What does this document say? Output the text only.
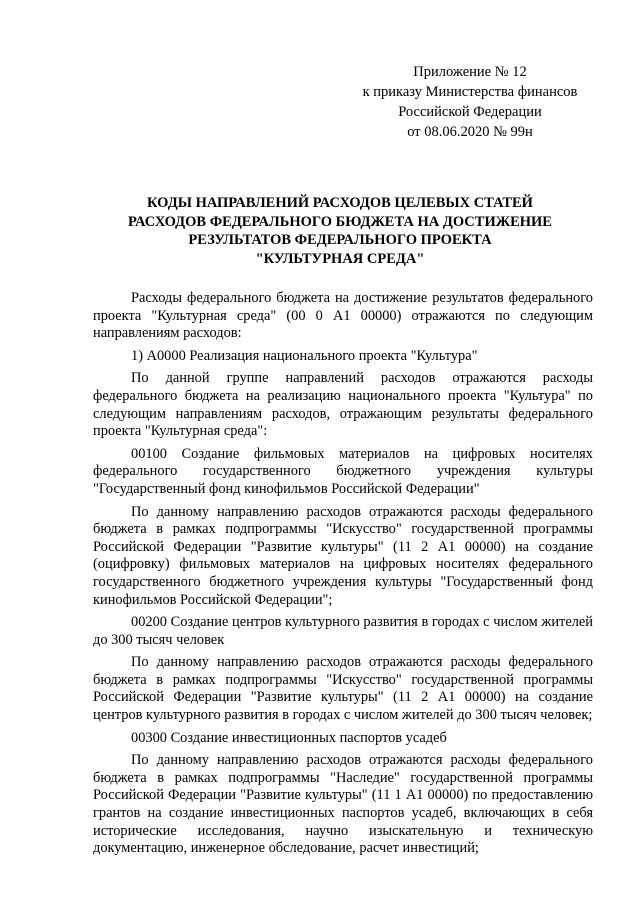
Приложение № 12
к приказу Министерства финансов
Российской Федерации
от 08.06.2020 № 99н
КОДЫ НАПРАВЛЕНИЙ РАСХОДОВ ЦЕЛЕВЫХ СТАТЕЙ
РАСХОДОВ ФЕДЕРАЛЬНОГО БЮДЖЕТА НА ДОСТИЖЕНИЕ
РЕЗУЛЬТАТОВ ФЕДЕРАЛЬНОГО ПРОЕКТА
"КУЛЬТУРНАЯ СРЕДА"

Расходы федерального бюджета на достижение результатов федерального проекта "Культурная среда" (00 0 А1 00000) отражаются по следующим направлениям расходов:

1) А0000 Реализация национального проекта "Культура"

По данной группе направлений расходов отражаются расходы федерального бюджета на реализацию национального проекта "Культура" по следующим направлениям расходов, отражающим результаты федерального проекта "Культурная среда":

00100 Создание фильмовых материалов на цифровых носителях федерального государственного бюджетного учреждения культуры "Государственный фонд кинофильмов Российской Федерации"

По данному направлению расходов отражаются расходы федерального бюджета в рамках подпрограммы "Искусство" государственной программы Российской Федерации "Развитие культуры" (11 2 А1 00000) на создание (оцифровку) фильмовых материалов на цифровых носителях федерального государственного бюджетного учреждения культуры "Государственный фонд кинофильмов Российской Федерации";

00200 Создание центров культурного развития в городах с числом жителей до 300 тысяч человек

По данному направлению расходов отражаются расходы федерального бюджета в рамках подпрограммы "Искусство" государственной программы Российской Федерации "Развитие культуры" (11 2 А1 00000) на создание центров культурного развития в городах с числом жителей до 300 тысяч человек;

00300 Создание инвестиционных паспортов усадеб

По данному направлению расходов отражаются расходы федерального бюджета в рамках подпрограммы "Наследие" государственной программы Российской Федерации "Развитие культуры" (11 1 А1 00000) по предоставлению грантов на создание инвестиционных паспортов усадеб, включающих в себя исторические исследования, научно изыскательную и техническую документацию, инженерное обследование, расчет инвестиций;
